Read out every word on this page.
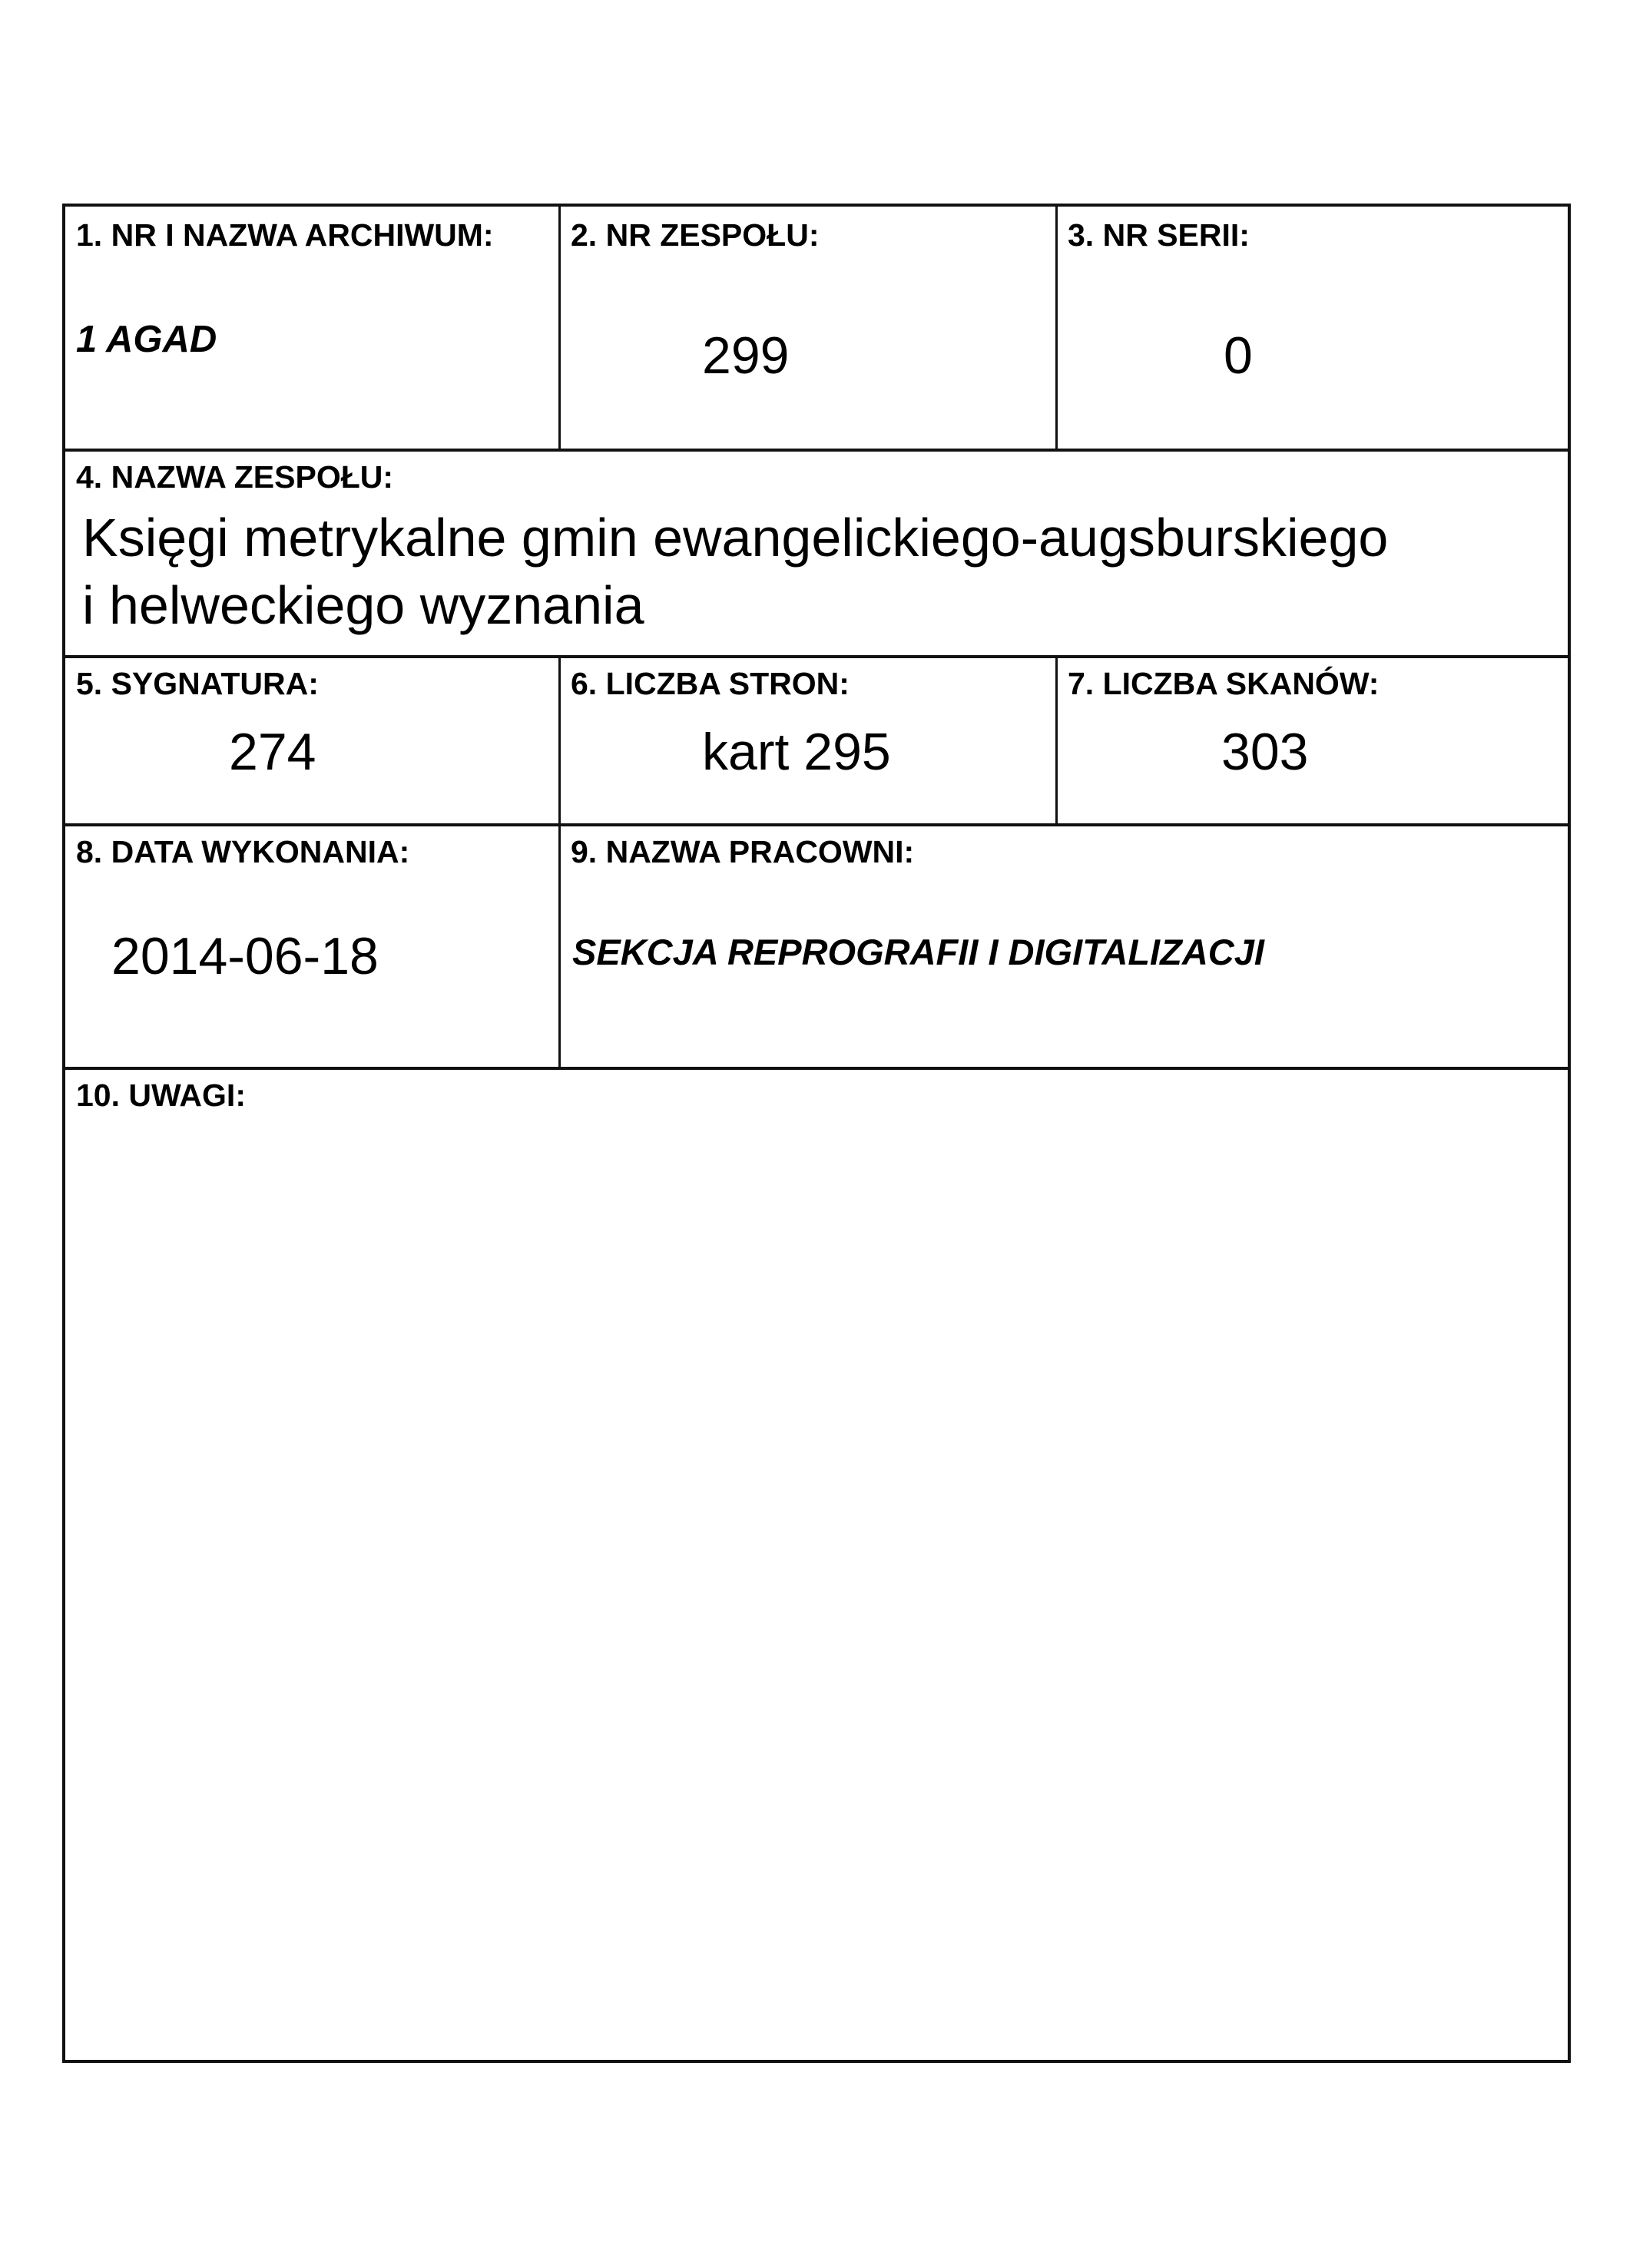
1. NR I NAZWA ARCHIWUM:
1 AGAD
2. NR ZESPOŁU:
299
3. NR SERII:
0
4. NAZWA ZESPOŁU:
Księgi metrykalne gmin ewangelickiego-augsburskiego
i helweckiego wyznania
5. SYGNATURA:
274
6. LICZBA STRON:
kart 295
7. LICZBA SKANÓW:
303
8. DATA WYKONANIA:
2014-06-18
9. NAZWA PRACOWNI:
SEKCJA REPROGRAFII I DIGITALIZACJI
10. UWAGI:
